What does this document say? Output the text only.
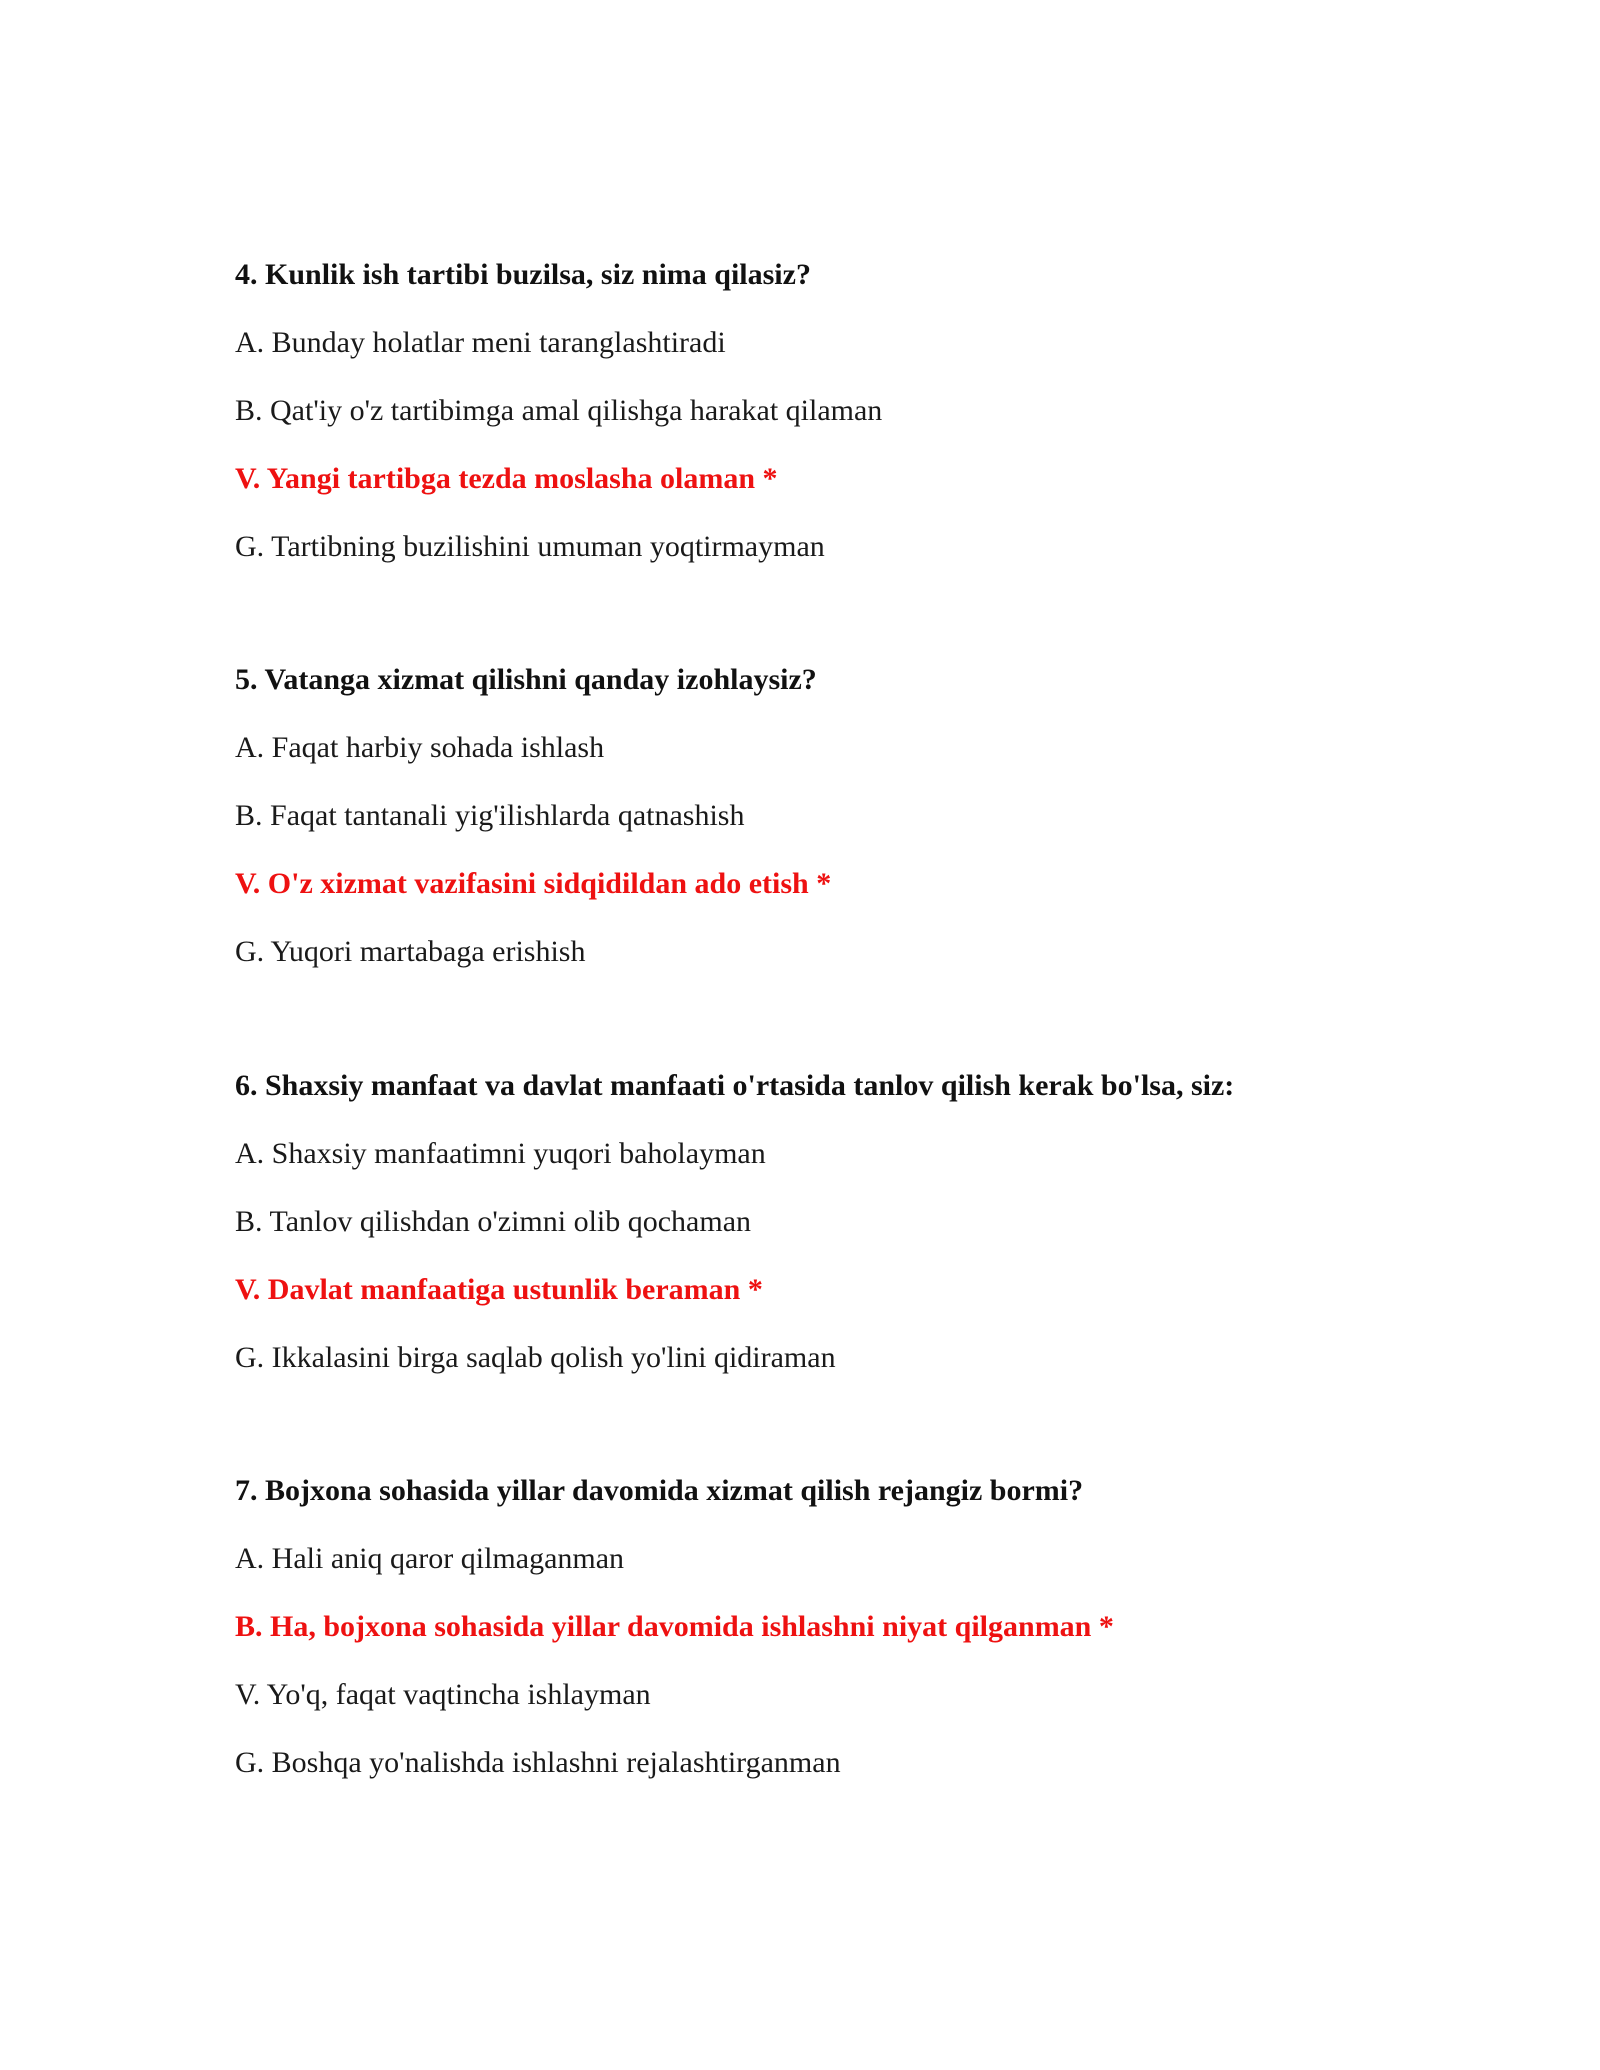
4. Kunlik ish tartibi buzilsa, siz nima qilasiz?
A. Bunday holatlar meni taranglashtiradi
B. Qat'iy o'z tartibimga amal qilishga harakat qilaman
V. Yangi tartibga tezda moslasha olaman *
G. Tartibning buzilishini umuman yoqtirmayman
5. Vatanga xizmat qilishni qanday izohlaysiz?
A. Faqat harbiy sohada ishlash
B. Faqat tantanali yig'ilishlarda qatnashish
V. O'z xizmat vazifasini sidqidildan ado etish *
G. Yuqori martabaga erishish
6. Shaxsiy manfaat va davlat manfaati o'rtasida tanlov qilish kerak bo'lsa, siz:
A. Shaxsiy manfaatimni yuqori baholayman
B. Tanlov qilishdan o'zimni olib qochaman
V. Davlat manfaatiga ustunlik beraman *
G. Ikkalasini birga saqlab qolish yo'lini qidiraman
7. Bojxona sohasida yillar davomida xizmat qilish rejangiz bormi?
A. Hali aniq qaror qilmaganman
B. Ha, bojxona sohasida yillar davomida ishlashni niyat qilganman *
V. Yo'q, faqat vaqtincha ishlayman
G. Boshqa yo'nalishda ishlashni rejalashtirganman
